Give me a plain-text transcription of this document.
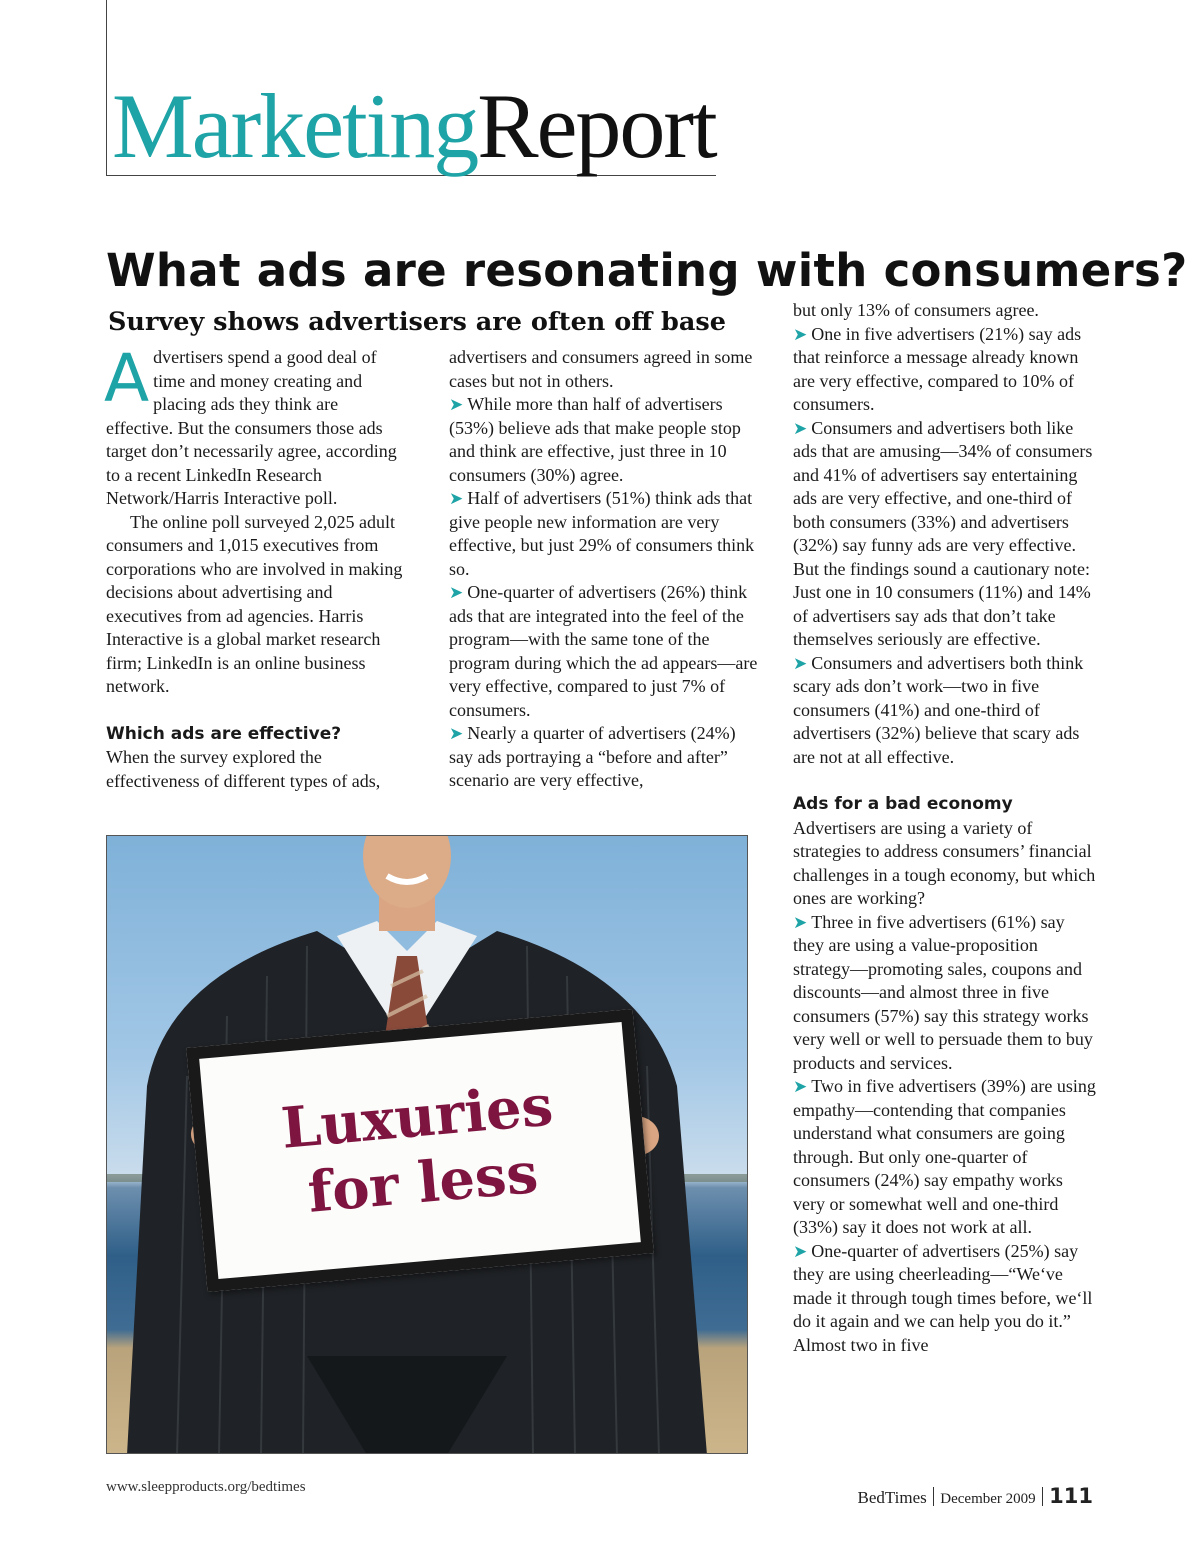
MarketingReport
What ads are resonating with consumers?
Survey shows advertisers are often off base

Advertisers spend a good deal of time and money creating and placing ads they think are effective. But the consumers those ads target don’t necessarily agree, according to a recent LinkedIn Research Network/Harris Interactive poll.

The online poll surveyed 2,025 adult consumers and 1,015 executives from corporations who are involved in making decisions about advertising and executives from ad agencies. Harris Interactive is a global market research firm; LinkedIn is an online business network.

Which ads are effective?

When the survey explored the effectiveness of different types of ads,

advertisers and consumers agreed in some cases but not in others.

➤ While more than half of advertisers (53%) believe ads that make people stop and think are effective, just three in 10 consumers (30%) agree.

➤ Half of advertisers (51%) think ads that give people new information are very effective, but just 29% of consumers think so.

➤ One-quarter of advertisers (26%) think ads that are integrated into the feel of the program—with the same tone of the program during which the ad appears—are very effective, compared to just 7% of consumers.

➤ Nearly a quarter of advertisers (24%) say ads portraying a “before and after” scenario are very effective,

but only 13% of consumers agree.

➤ One in five advertisers (21%) say ads that reinforce a message already known are very effective, compared to 10% of consumers.

➤ Consumers and advertisers both like ads that are amusing—34% of consumers and 41% of advertisers say entertaining ads are very effective, and one-third of both consumers (33%) and advertisers (32%) say funny ads are very effective. But the findings sound a cautionary note: Just one in 10 consumers (11%) and 14% of advertisers say ads that don’t take themselves seriously are effective.

➤ Consumers and advertisers both think scary ads don’t work—two in five consumers (41%) and one-third of advertisers (32%) believe that scary ads are not at all effective.

Ads for a bad economy

Advertisers are using a variety of strategies to address consumers’ financial challenges in a tough economy, but which ones are working?

➤ Three in five advertisers (61%) say they are using a value-proposition strategy—promoting sales, coupons and discounts—and almost three in five consumers (57%) say this strategy works very well or well to persuade them to buy products and services.

➤ Two in five advertisers (39%) are using empathy—contending that companies understand what consumers are going through. But only one-quarter of consumers (24%) say empathy works very or somewhat well and one-third (33%) say it does not work at all.

➤ One-quarter of advertisers (25%) say they are using cheerleading—“We‘ve made it through tough times before, we‘ll do it again and we can help you do it.” Almost two in five

Luxuries
for less
www.sleepproducts.org/bedtimes
BedTimes December 2009 111
